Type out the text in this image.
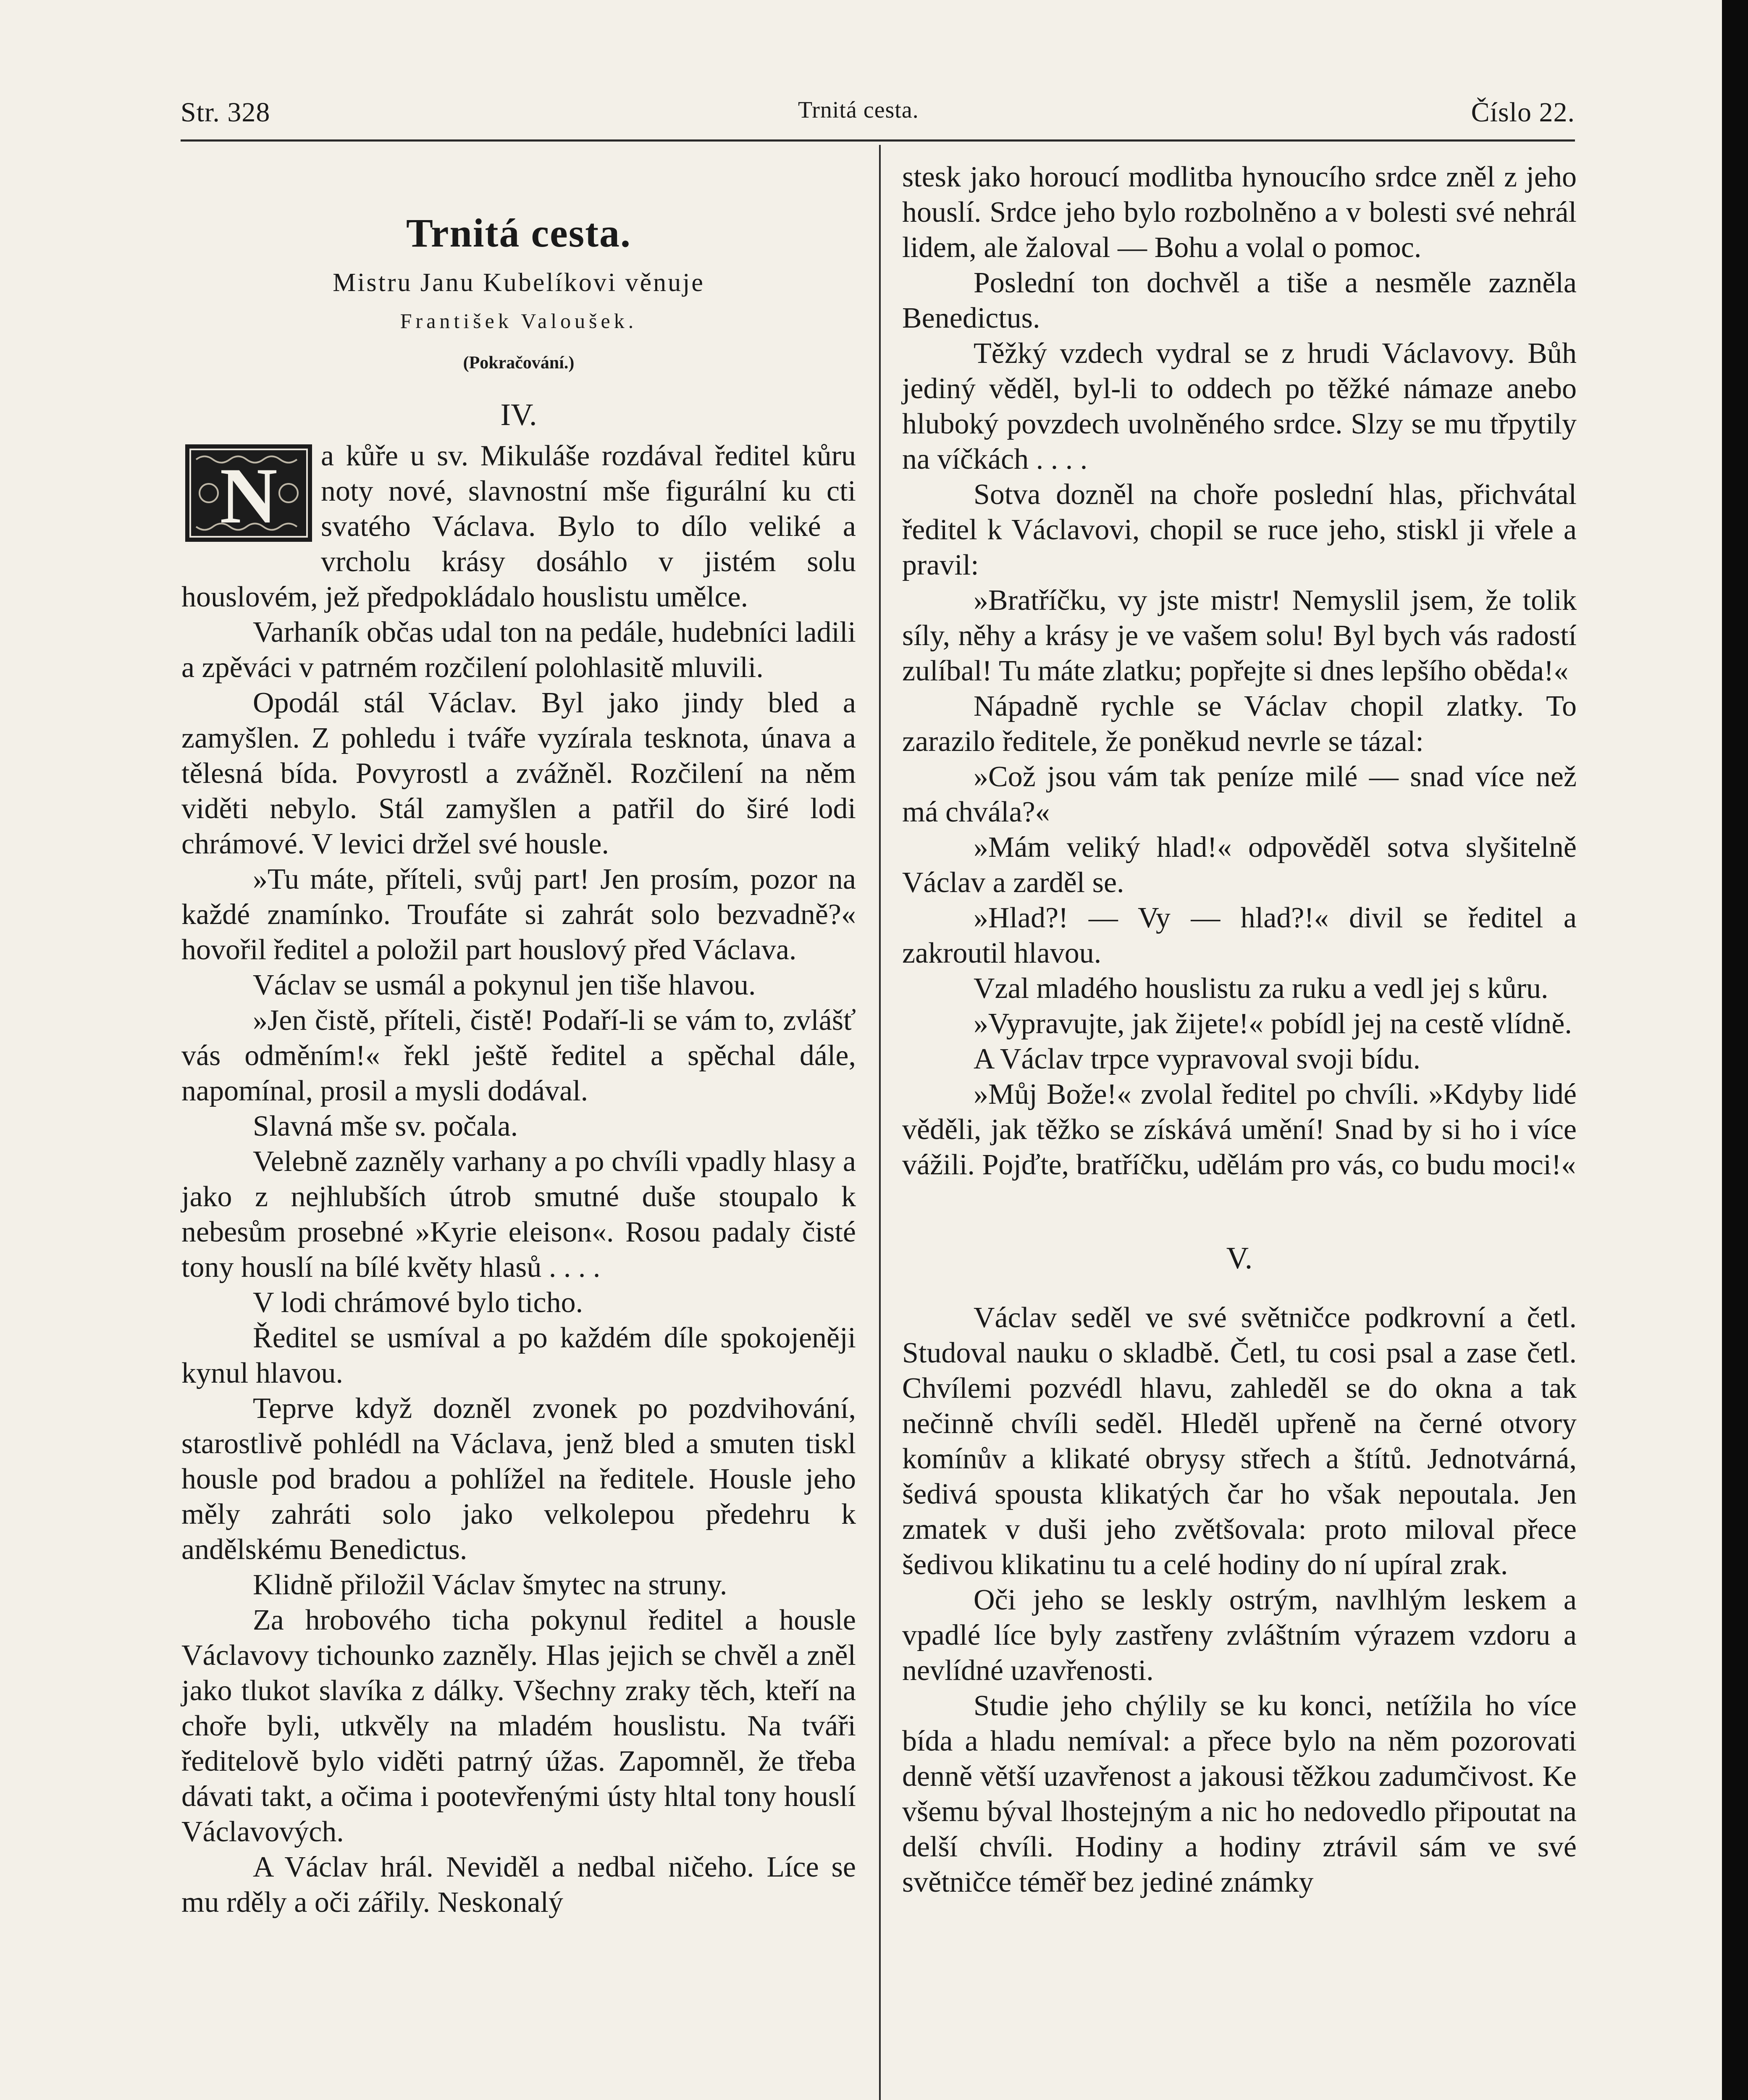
Str. 328	Trnitá cesta.	Číslo 22.
Trnitá cesta.
Mistru Janu Kubelíkovi věnuje
František Valoušek.
(Pokračování.)
IV.
N	a kůře u sv. Mikuláše rozdával ředitel kůru noty nové, slavnostní mše figurální ku cti svatého Václava. Bylo to dílo veliké a vrcholu krásy dosáhlo v jistém solu houslovém, jež předpokládalo houslistu umělce.

Varhaník občas udal ton na pedále, hudebníci ladili a zpěváci v patrném rozčilení polohlasitě mluvili.

Opodál stál Václav. Byl jako jindy bled a zamyšlen. Z pohledu i tváře vyzírala tesknota, únava a tělesná bída. Povyrostl a zvážněl. Rozčilení na něm viděti nebylo. Stál zamyšlen a patřil do širé lodi chrámové. V levici držel své housle.

»Tu máte, příteli, svůj part! Jen prosím, pozor na každé znamínko. Troufáte si zahrát solo bezvadně?« hovořil ředitel a položil part houslový před Václava.

Václav se usmál a pokynul jen tiše hlavou.

»Jen čistě, příteli, čistě! Podaří-li se vám to, zvlášť vás odměním!« řekl ještě ředitel a spěchal dále, napomínal, prosil a mysli dodával.

Slavná mše sv. počala.

Velebně zazněly varhany a po chvíli vpadly hlasy a jako z nejhlubších útrob smutné duše stoupalo k nebesům prosebné »Kyrie eleison«. Rosou padaly čisté tony houslí na bílé květy hlasů . . . .

V lodi chrámové bylo ticho.

Ředitel se usmíval a po každém díle spokojeněji kynul hlavou.

Teprve když dozněl zvonek po pozdvihování, starostlivě pohlédl na Václava, jenž bled a smuten tiskl housle pod bradou a pohlížel na ředitele. Housle jeho měly zahráti solo jako velkolepou předehru k andělskému Benedictus.

Klidně přiložil Václav šmytec na struny.

Za hrobového ticha pokynul ředitel a housle Václavovy tichounko zazněly. Hlas jejich se chvěl a zněl jako tlukot slavíka z dálky. Všechny zraky těch, kteří na choře byli, utkvěly na mladém houslistu. Na tváři ředitelově bylo viděti patrný úžas. Zapomněl, že třeba dávati takt, a očima i pootevřenými ústy hltal tony houslí Václavových.

A Václav hrál. Neviděl a nedbal ničeho. Líce se mu rděly a oči zářily. Neskonalý

stesk jako horoucí modlitba hynoucího srdce zněl z jeho houslí. Srdce jeho bylo rozbolněno a v bolesti své nehrál lidem, ale žaloval — Bohu a volal o pomoc.

Poslední ton dochvěl a tiše a nesměle zazněla Benedictus.

Těžký vzdech vydral se z hrudi Václavovy. Bůh jediný věděl, byl-li to oddech po těžké námaze anebo hluboký povzdech uvolněného srdce. Slzy se mu třpytily na víčkách . . . .

Sotva dozněl na choře poslední hlas, přichvátal ředitel k Václavovi, chopil se ruce jeho, stiskl ji vřele a pravil:

»Bratříčku, vy jste mistr! Nemyslil jsem, že tolik síly, něhy a krásy je ve vašem solu! Byl bych vás radostí zulíbal! Tu máte zlatku; popřejte si dnes lepšího oběda!«

Nápadně rychle se Václav chopil zlatky. To zarazilo ředitele, že poněkud nevrle se tázal:

»Což jsou vám tak peníze milé — snad více než má chvála?«

»Mám veliký hlad!« odpověděl sotva slyšitelně Václav a zarděl se.

»Hlad?! — Vy — hlad?!« divil se ředitel a zakroutil hlavou.

Vzal mladého houslistu za ruku a vedl jej s kůru.

»Vypravujte, jak žijete!« pobídl jej na cestě vlídně.

A Václav trpce vypravoval svoji bídu.

»Můj Bože!« zvolal ředitel po chvíli. »Kdyby lidé věděli, jak těžko se získává umění! Snad by si ho i více vážili. Pojďte, bratříčku, udělám pro vás, co budu moci!«

V.

Václav seděl ve své světničce podkrovní a četl. Studoval nauku o skladbě. Četl, tu cosi psal a zase četl. Chvílemi pozvédl hlavu, zahleděl se do okna a tak nečinně chvíli seděl. Hleděl upřeně na černé otvory komínův a klikaté obrysy střech a štítů. Jednotvárná, šedivá spousta klikatých čar ho však nepoutala. Jen zmatek v duši jeho zvětšovala: proto miloval přece šedivou klikatinu tu a celé hodiny do ní upíral zrak.

Oči jeho se leskly ostrým, navlhlým leskem a vpadlé líce byly zastřeny zvláštním výrazem vzdoru a nevlídné uzavřenosti.

Studie jeho chýlily se ku konci, netížila ho více bída a hladu nemíval: a přece bylo na něm pozorovati denně větší uzavřenost a jakousi těžkou zadumčivost. Ke všemu býval lhostejným a nic ho nedovedlo připoutat na delší chvíli. Hodiny a hodiny ztrávil sám ve své světničce téměř bez jediné známky
